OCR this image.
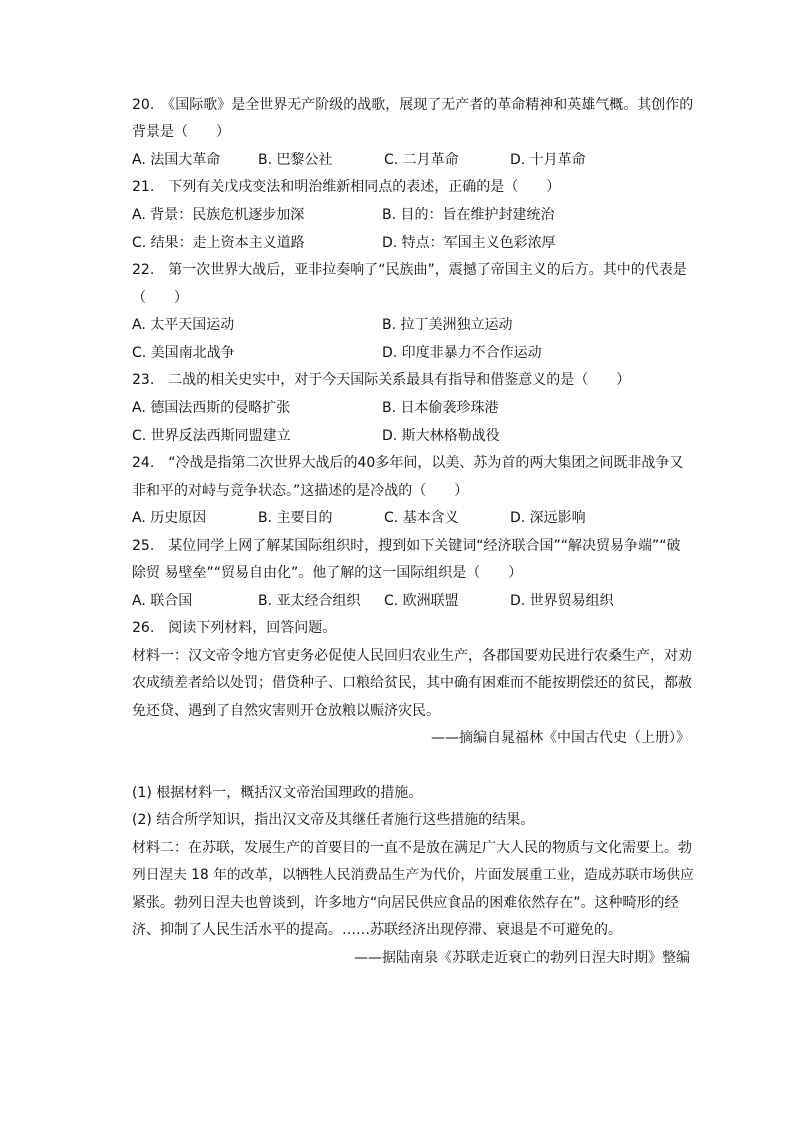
20.　《国际歌》是全世界无产阶级的战歌，展现了无产者的革命精神和英雄气概。其创作的
背景是（　　）
A. 法国大革命	B. 巴黎公社	C. 二月革命	D. 十月革命
21.　下列有关戊戌变法和明治维新相同点的表述，正确的是（　　）
A. 背景：民族危机逐步加深	B. 目的：旨在维护封建统治
C. 结果：走上资本主义道路	D. 特点：军国主义色彩浓厚
22.　第一次世界大战后，亚非拉奏响了“民族曲”，震撼了帝国主义的后方。其中的代表是
（　　）
A. 太平天国运动	B. 拉丁美洲独立运动
C. 美国南北战争	D. 印度非暴力不合作运动
23.　二战的相关史实中，对于今天国际关系最具有指导和借鉴意义的是（　　）
A. 德国法西斯的侵略扩张	B. 日本偷袭珍珠港
C. 世界反法西斯同盟建立	D. 斯大林格勒战役
24.　“冷战是指第二次世界大战后的40多年间，以美、苏为首的两大集团之间既非战争又
非和平的对峙与竞争状态。”这描述的是冷战的（　　）
A. 历史原因	B. 主要目的	C. 基本含义	D. 深远影响
25.　某位同学上网了解某国际组织时，搜到如下关键词“经济联合国”“解决贸易争端”“破
除贸 易壁垒”“贸易自由化”。他了解的这一国际组织是（　　）
A. 联合国	B. 亚太经合组织 C. 欧洲联盟	D. 世界贸易组织
26.　阅读下列材料，回答问题。
材料一：汉文帝令地方官吏务必促使人民回归农业生产，各郡国要劝民进行农桑生产，对劝
农成绩差者给以处罚；借贷种子、口粮给贫民，其中确有困难而不能按期偿还的贫民，都赦
免还贷、遇到了自然灾害则开仓放粮以赈济灾民。
——摘编自晁福林《中国古代史（上册）》
(1) 根据材料一，概括汉文帝治国理政的措施。
(2) 结合所学知识，指出汉文帝及其继任者施行这些措施的结果。
材料二：在苏联，发展生产的首要目的一直不是放在满足广大人民的物质与文化需要上。勃
列日涅夫 18 年的改革，以牺牲人民消费品生产为代价，片面发展重工业，造成苏联市场供应
紧张。勃列日涅夫也曾谈到，许多地方“向居民供应食品的困难依然存在”。这种畸形的经
济、抑制了人民生活水平的提高。……苏联经济出现停滞、衰退是不可避免的。
——据陆南泉《苏联走近衰亡的勃列日涅夫时期》整编
